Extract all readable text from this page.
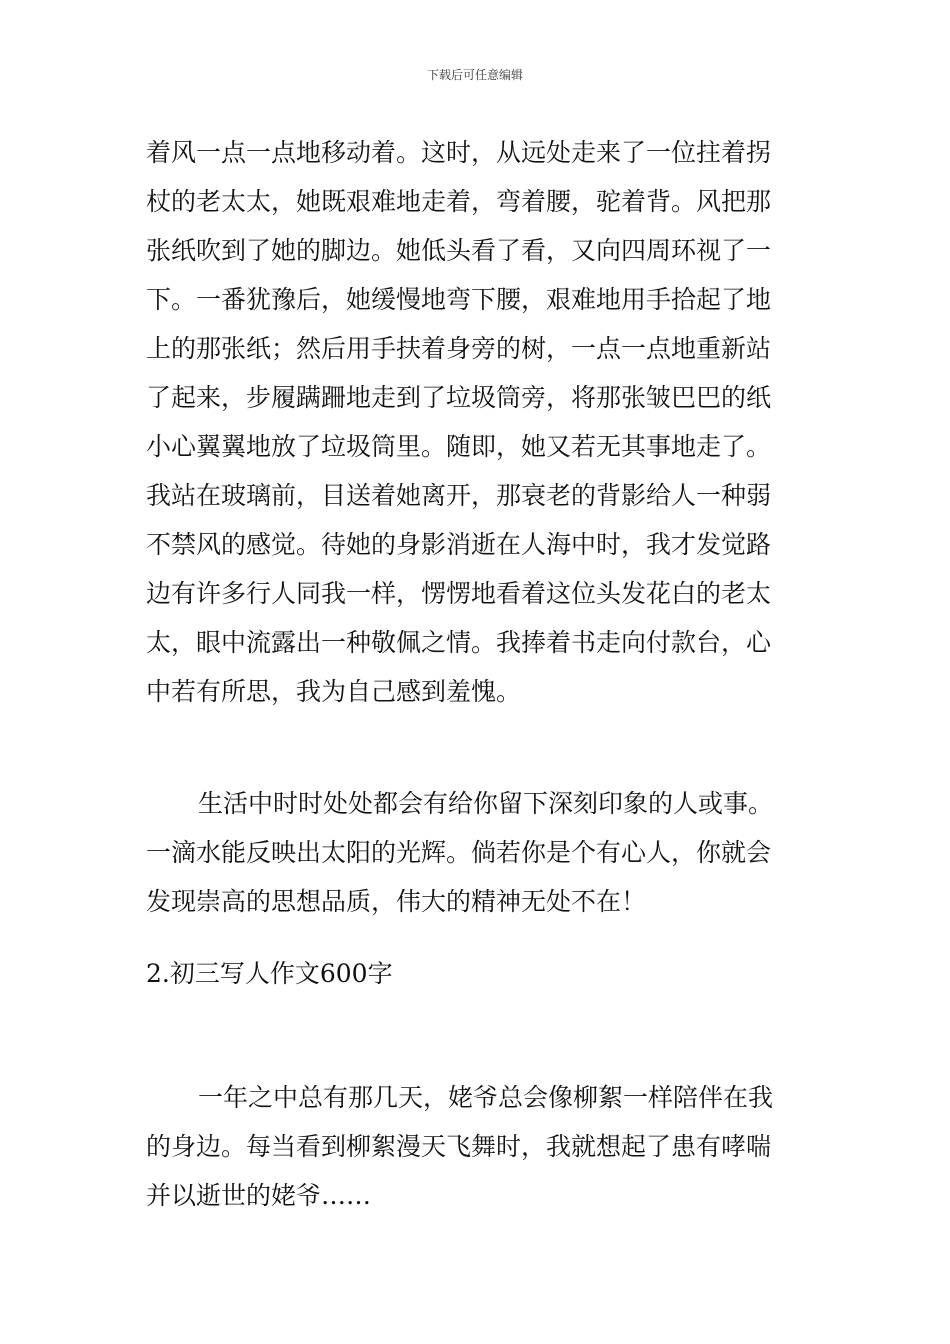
下载后可任意编辑
着风一点一点地移动着。这时，从远处走来了一位拄着拐
杖的老太太，她既艰难地走着，弯着腰，驼着背。风把那
张纸吹到了她的脚边。她低头看了看，又向四周环视了一
下。一番犹豫后，她缓慢地弯下腰，艰难地用手拾起了地
上的那张纸；然后用手扶着身旁的树，一点一点地重新站
了起来，步履蹒跚地走到了垃圾筒旁，将那张皱巴巴的纸
小心翼翼地放了垃圾筒里。随即，她又若无其事地走了。
我站在玻璃前，目送着她离开，那衰老的背影给人一种弱
不禁风的感觉。待她的身影消逝在人海中时，我才发觉路
边有许多行人同我一样，愣愣地看着这位头发花白的老太
太，眼中流露出一种敬佩之情。我捧着书走向付款台，心
中若有所思，我为自己感到羞愧。
生活中时时处处都会有给你留下深刻印象的人或事。
一滴水能反映出太阳的光辉。倘若你是个有心人，你就会
发现崇高的思想品质，伟大的精神无处不在！
2.初三写人作文600字
一年之中总有那几天，姥爷总会像柳絮一样陪伴在我
的身边。每当看到柳絮漫天飞舞时，我就想起了患有哮喘
并以逝世的姥爷……
